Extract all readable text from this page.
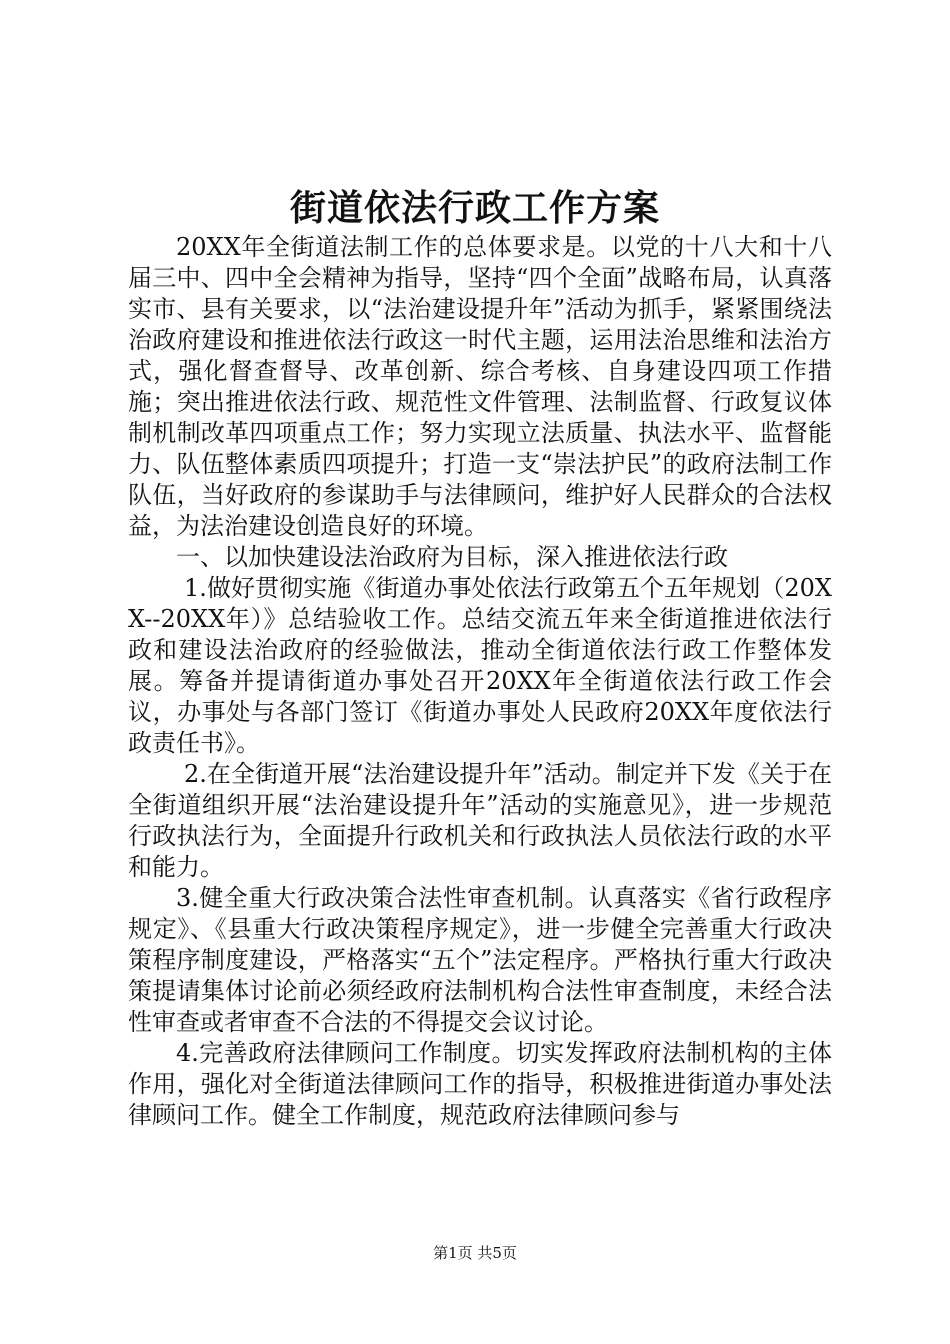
街道依法行政工作方案

20XX年全街道法制工作的总体要求是。以党的十八大和十八届三中、四中全会精神为指导，坚持“四个全面”战略布局，认真落实市、县有关要求，以“法治建设提升年”活动为抓手，紧紧围绕法治政府建设和推进依法行政这一时代主题，运用法治思维和法治方式，强化督查督导、改革创新、综合考核、自身建设四项工作措施；突出推进依法行政、规范性文件管理、法制监督、行政复议体制机制改革四项重点工作；努力实现立法质量、执法水平、监督能力、队伍整体素质四项提升；打造一支“崇法护民”的政府法制工作队伍，当好政府的参谋助手与法律顾问，维护好人民群众的合法权益，为法治建设创造良好的环境。

一、以加快建设法治政府为目标，深入推进依法行政

1.做好贯彻实施《街道办事处依法行政第五个五年规划（20XX--20XX年）》总结验收工作。总结交流五年来全街道推进依法行政和建设法治政府的经验做法，推动全街道依法行政工作整体发展。筹备并提请街道办事处召开20XX年全街道依法行政工作会议，办事处与各部门签订《街道办事处人民政府20XX年度依法行政责任书》。

2.在全街道开展“法治建设提升年”活动。制定并下发《关于在全街道组织开展“法治建设提升年”活动的实施意见》，进一步规范行政执法行为，全面提升行政机关和行政执法人员依法行政的水平和能力。

3.健全重大行政决策合法性审查机制。认真落实《省行政程序规定》、《县重大行政决策程序规定》，进一步健全完善重大行政决策程序制度建设，严格落实“五个”法定程序。严格执行重大行政决策提请集体讨论前必须经政府法制机构合法性审查制度，未经合法性审查或者审查不合法的不得提交会议讨论。

4.完善政府法律顾问工作制度。切实发挥政府法制机构的主体作用，强化对全街道法律顾问工作的指导，积极推进街道办事处法律顾问工作。健全工作制度，规范政府法律顾问参与

第1页 共5页
